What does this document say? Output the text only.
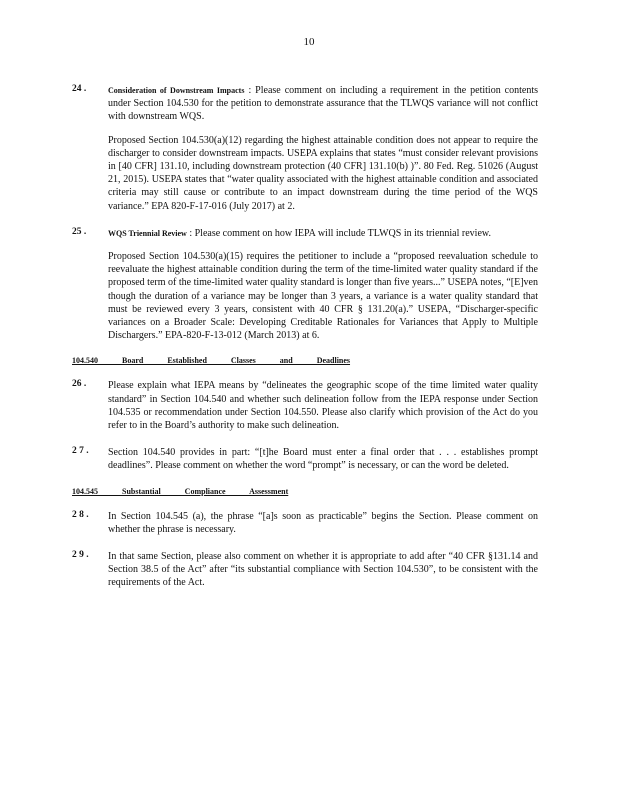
10
24 .	Consideration of Downstream Impacts : Please comment on including a requirement in the petition contents under Section 104.530 for the petition to demonstrate assurance that the TLWQS variance will not conflict with downstream WQS.

Proposed Section 104.530(a)(12) regarding the highest attainable condition does not appear to require the discharger to consider downstream impacts. USEPA explains that states “must consider relevant provisions in [40 CFR] 131.10, including downstream protection (40 CFR] 131.10(b) )”. 80 Fed. Reg. 51026 (August 21, 2015). USEPA states that “water quality associated with the highest attainable condition and associated criteria may still cause or contribute to an impact downstream during the time period of the WQS variance.” EPA 820-F-17-016 (July 2017) at 2.

25 .	WQS Triennial Review : Please comment on how IEPA will include TLWQS in its triennial review.

Proposed Section 104.530(a)(15) requires the petitioner to include a “proposed reevaluation schedule to reevaluate the highest attainable condition during the term of the time-limited water quality standard if the proposed term of the time-limited water quality standard is longer than five years...” USEPA notes, “[E]ven though the duration of a variance may be longer than 3 years, a variance is a water quality standard that must be reviewed every 3 years, consistent with 40 CFR § 131.20(a).” USEPA, “Discharger-specific variances on a Broader Scale: Developing Creditable Rationales for Variances that Apply to Multiple Dischargers.” EPA-820-F-13-012 (March 2013) at 6.

104.540 Board Established Classes and Deadlines
26 .	Please explain what IEPA means by “delineates the geographic scope of the time limited water quality standard” in Section 104.540 and whether such delineation follow from the IEPA response under Section 104.535 or recommendation under Section 104.550. Please also clarify which provision of the Act do you refer to in the Board’s authority to make such delineation.

2 7 .	Section 104.540 provides in part: “[t]he Board must enter a final order that . . . establishes prompt deadlines”. Please comment on whether the word “prompt” is necessary, or can the word be deleted.

104.545 Substantial Compliance Assessment
2 8 .	In Section 104.545 (a), the phrase “[a]s soon as practicable” begins the Section. Please comment on whether the phrase is necessary.

2 9 .	In that same Section, please also comment on whether it is appropriate to add after “40 CFR §131.14 and Section 38.5 of the Act” after “its substantial compliance with Section 104.530”, to be consistent with the requirements of the Act.
